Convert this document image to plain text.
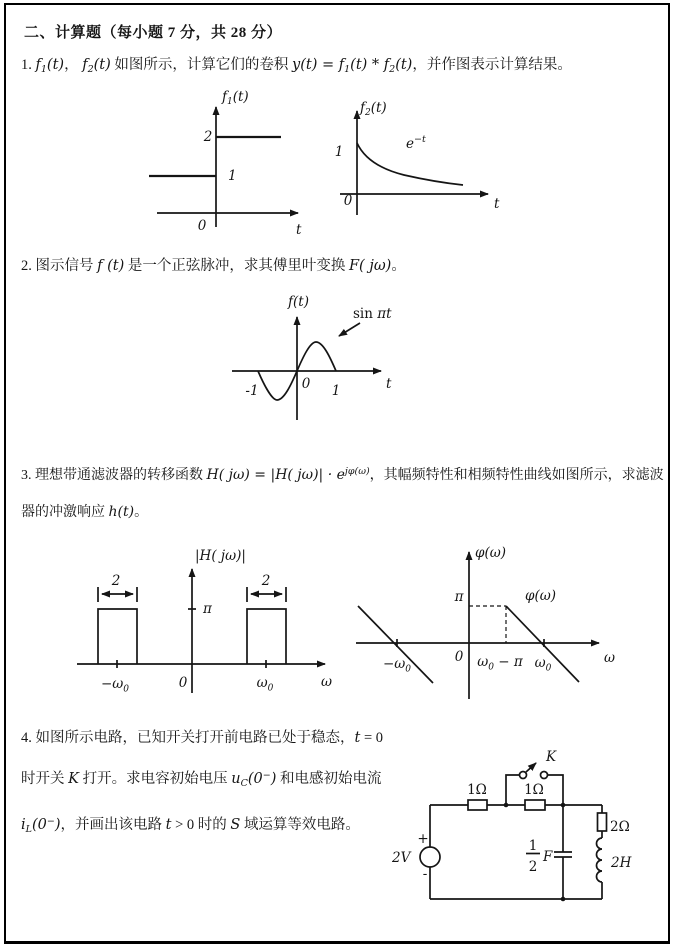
二、计算题（每小题 7 分，共 28 分）
1. $f_1(t)$， $f_2(t)$ 如图所示，计算它们的卷积 $y(t) = f_1(t) * f_2(t)$，并作图表示计算结果。
$f_1(t)$
2
1
0	t
$f_2(t)$
1	$e^{-t}$
0	t
2. 图示信号 f (t) 是一个正弦脉冲，求其傅里叶变换 F( jω)。
f(t)
sin πt
-1	0 1	t
3. 理想带通滤波器的转移函数 H( jω) = |H( $j\omega)| \cdot e^{j\varphi(\omega)}$，其幅频特性和相频特性曲线如图所示，求滤波器的冲激响应 h(t)。
|H( jω)|
π
2	2
$-\omega_0$	0	$\omega_0$	ω
φ(ω)
π	φ(ω)
$-\omega_0$
0 $\omega_0 - \pi$ $\omega_0$
ω
4. 如图所示电路，已知开关打开前电路已处于稳态，t = 0 时开关 K 打开。求电容初始电压 $u_C(0^-)$ 和电感初始电流 $i_L(0^-)$，并画出该电路 t > 0 时的 S 域运算等效电路。
1Ω	1Ω
K
+
-
2V
1
2
F
2Ω
2H
